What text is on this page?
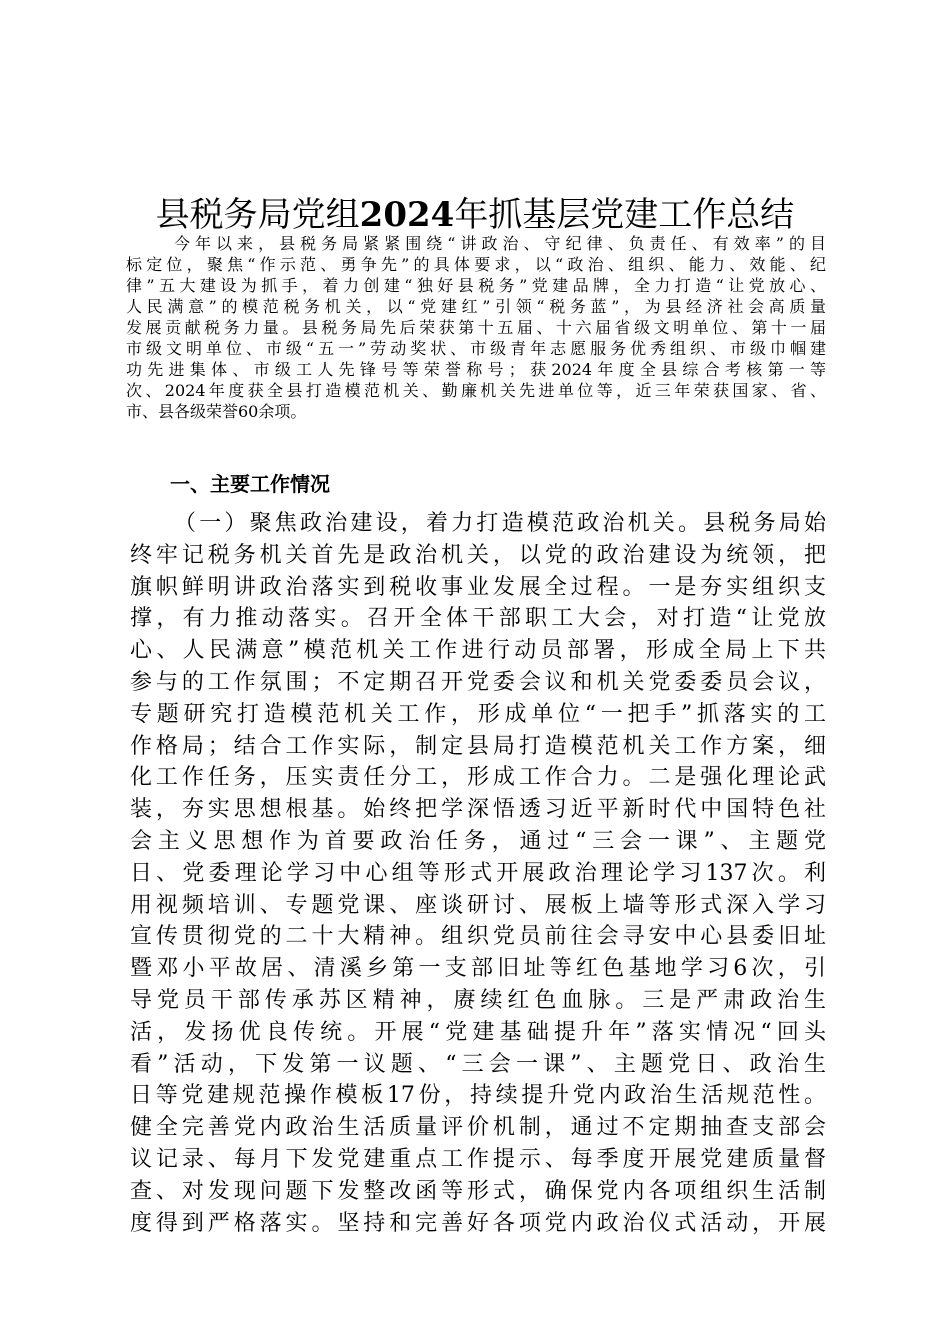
县税务局党组2024年抓基层党建工作总结
今年以来，县税务局紧紧围绕“讲政治、守纪律、负责任、有效率”的目
标定位，聚焦“作示范、勇争先”的具体要求，以“政治、组织、能力、效能、纪
律”五大建设为抓手，着力创建“独好县税务”党建品牌，全力打造“让党放心、
人民满意”的模范税务机关，以“党建红”引领“税务蓝”，为县经济社会高质量
发展贡献税务力量。县税务局先后荣获第十五届、十六届省级文明单位、第十一届
市级文明单位、市级“五一”劳动奖状、市级青年志愿服务优秀组织、市级巾帼建
功先进集体、市级工人先锋号等荣誉称号；获2024年度全县综合考核第一等
次、2024年度获全县打造模范机关、勤廉机关先进单位等，近三年荣获国家、省、
市、县各级荣誉60余项。
一、主要工作情况
（一）聚焦政治建设，着力打造模范政治机关。县税务局始
终牢记税务机关首先是政治机关，以党的政治建设为统领，把
旗帜鲜明讲政治落实到税收事业发展全过程。一是夯实组织支
撑，有力推动落实。召开全体干部职工大会，对打造“让党放
心、人民满意”模范机关工作进行动员部署，形成全局上下共
参与的工作氛围；不定期召开党委会议和机关党委委员会议，
专题研究打造模范机关工作，形成单位“一把手”抓落实的工
作格局；结合工作实际，制定县局打造模范机关工作方案，细
化工作任务，压实责任分工，形成工作合力。二是强化理论武
装，夯实思想根基。始终把学深悟透习近平新时代中国特色社
会主义思想作为首要政治任务，通过“三会一课”、主题党
日、党委理论学习中心组等形式开展政治理论学习137次。利
用视频培训、专题党课、座谈研讨、展板上墙等形式深入学习
宣传贯彻党的二十大精神。组织党员前往会寻安中心县委旧址
暨邓小平故居、清溪乡第一支部旧址等红色基地学习6次，引
导党员干部传承苏区精神，赓续红色血脉。三是严肃政治生
活，发扬优良传统。开展“党建基础提升年”落实情况“回头
看”活动，下发第一议题、“三会一课”、主题党日、政治生
日等党建规范操作模板17份，持续提升党内政治生活规范性。
健全完善党内政治生活质量评价机制，通过不定期抽查支部会
议记录、每月下发党建重点工作提示、每季度开展党建质量督
查、对发现问题下发整改函等形式，确保党内各项组织生活制
度得到严格落实。坚持和完善好各项党内政治仪式活动，开展
